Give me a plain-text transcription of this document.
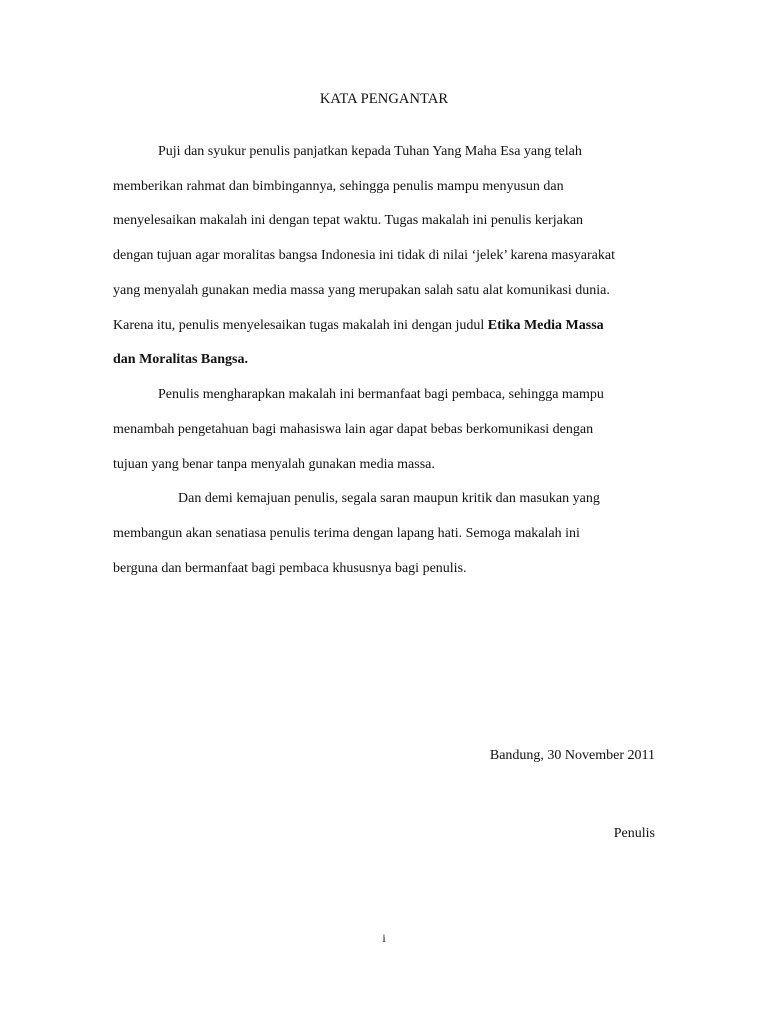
KATA PENGANTAR
Puji dan syukur penulis panjatkan kepada Tuhan Yang Maha Esa yang telah
memberikan rahmat dan bimbingannya, sehingga penulis mampu menyusun dan
menyelesaikan makalah ini dengan tepat waktu. Tugas makalah ini penulis kerjakan
dengan tujuan agar moralitas bangsa Indonesia ini tidak di nilai ‘jelek’ karena masyarakat
yang menyalah gunakan media massa yang merupakan salah satu alat komunikasi dunia.
Karena itu, penulis menyelesaikan tugas makalah ini dengan judul Etika Media Massa
dan Moralitas Bangsa.
Penulis mengharapkan makalah ini bermanfaat bagi pembaca, sehingga mampu
menambah pengetahuan bagi mahasiswa lain agar dapat bebas berkomunikasi dengan
tujuan yang benar tanpa menyalah gunakan media massa.
Dan demi kemajuan penulis, segala saran maupun kritik dan masukan yang
membangun akan senatiasa penulis terima dengan lapang hati. Semoga makalah ini
berguna dan bermanfaat bagi pembaca khususnya bagi penulis.
Bandung, 30 November 2011
Penulis
i
